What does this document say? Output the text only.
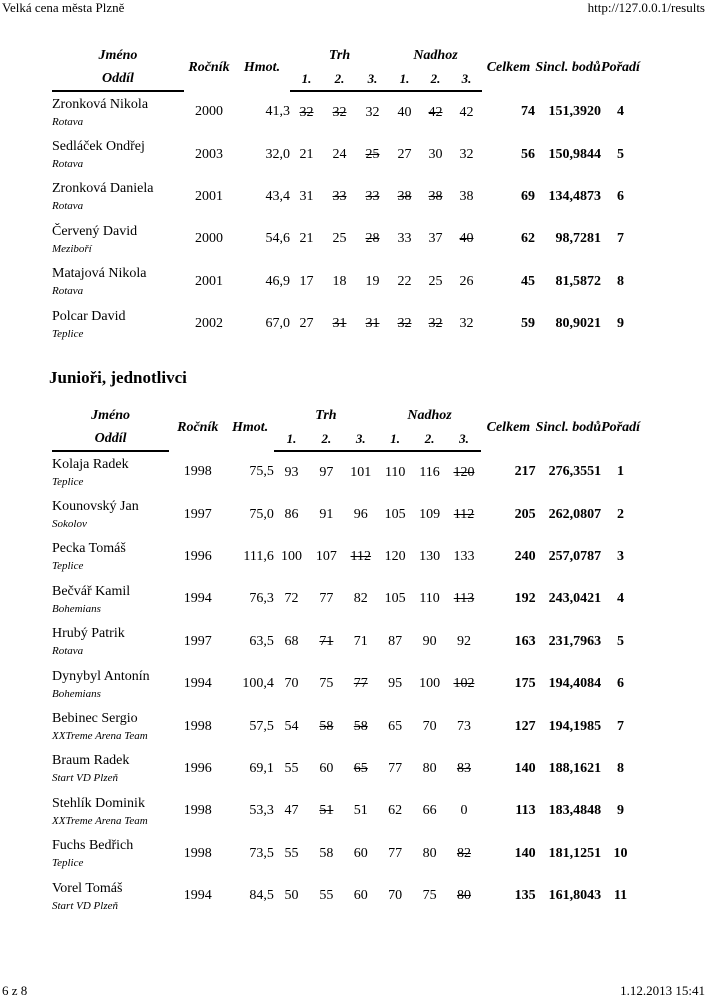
Velká cena města Plzně	http://127.0.0.1/results
Jméno	Ročník	Hmot.	Trh			Nadhoz			Celkem	Sincl. bodů	Pořadí
Oddíl			1.	2.	3.	1.	2.	3.			

Zronková Nikola
Rotava	2000	41,3	32	32	32	40	42	42	74	151,3920	4

Sedláček Ondřej
Rotava	2003	32,0	21	24	25	27	30	32	56	150,9844	5

Zronková Daniela
Rotava	2001	43,4	31	33	33	38	38	38	69	134,4873	6

Červený David
Meziboří	2000	54,6	21	25	28	33	37	40	62	98,7281	7

Matajová Nikola
Rotava	2001	46,9	17	18	19	22	25	26	45	81,5872	8

Polcar David
Teplice	2002	67,0	27	31	31	32	32	32	59	80,9021	9
Junioři, jednotlivci
Jméno	Ročník	Hmot.	Trh			Nadhoz			Celkem	Sincl. bodů	Pořadí
Oddíl			1.	2.	3.	1.	2.	3.			

Kolaja Radek
Teplice	1998	75,5	93	97	101	110	116	120	217	276,3551	1

Kounovský Jan
Sokolov	1997	75,0	86	91	96	105	109	112	205	262,0807	2

Pecka Tomáš
Teplice	1996	111,6	100	107	112	120	130	133	240	257,0787	3

Bečvář Kamil
Bohemians	1994	76,3	72	77	82	105	110	113	192	243,0421	4

Hrubý Patrik
Rotava	1997	63,5	68	71	71	87	90	92	163	231,7963	5

Dynybyl Antonín
Bohemians	1994	100,4	70	75	77	95	100	102	175	194,4084	6

Bebinec Sergio
XXTreme Arena Team	1998	57,5	54	58	58	65	70	73	127	194,1985	7

Braum Radek
Start VD Plzeň	1996	69,1	55	60	65	77	80	83	140	188,1621	8

Stehlík Dominik
XXTreme Arena Team	1998	53,3	47	51	51	62	66	0	113	183,4848	9

Fuchs Bedřich
Teplice	1998	73,5	55	58	60	77	80	82	140	181,1251	10

Vorel Tomáš
Start VD Plzeň	1994	84,5	50	55	60	70	75	80	135	161,8043	11
6 z 8	1.12.2013 15:41
